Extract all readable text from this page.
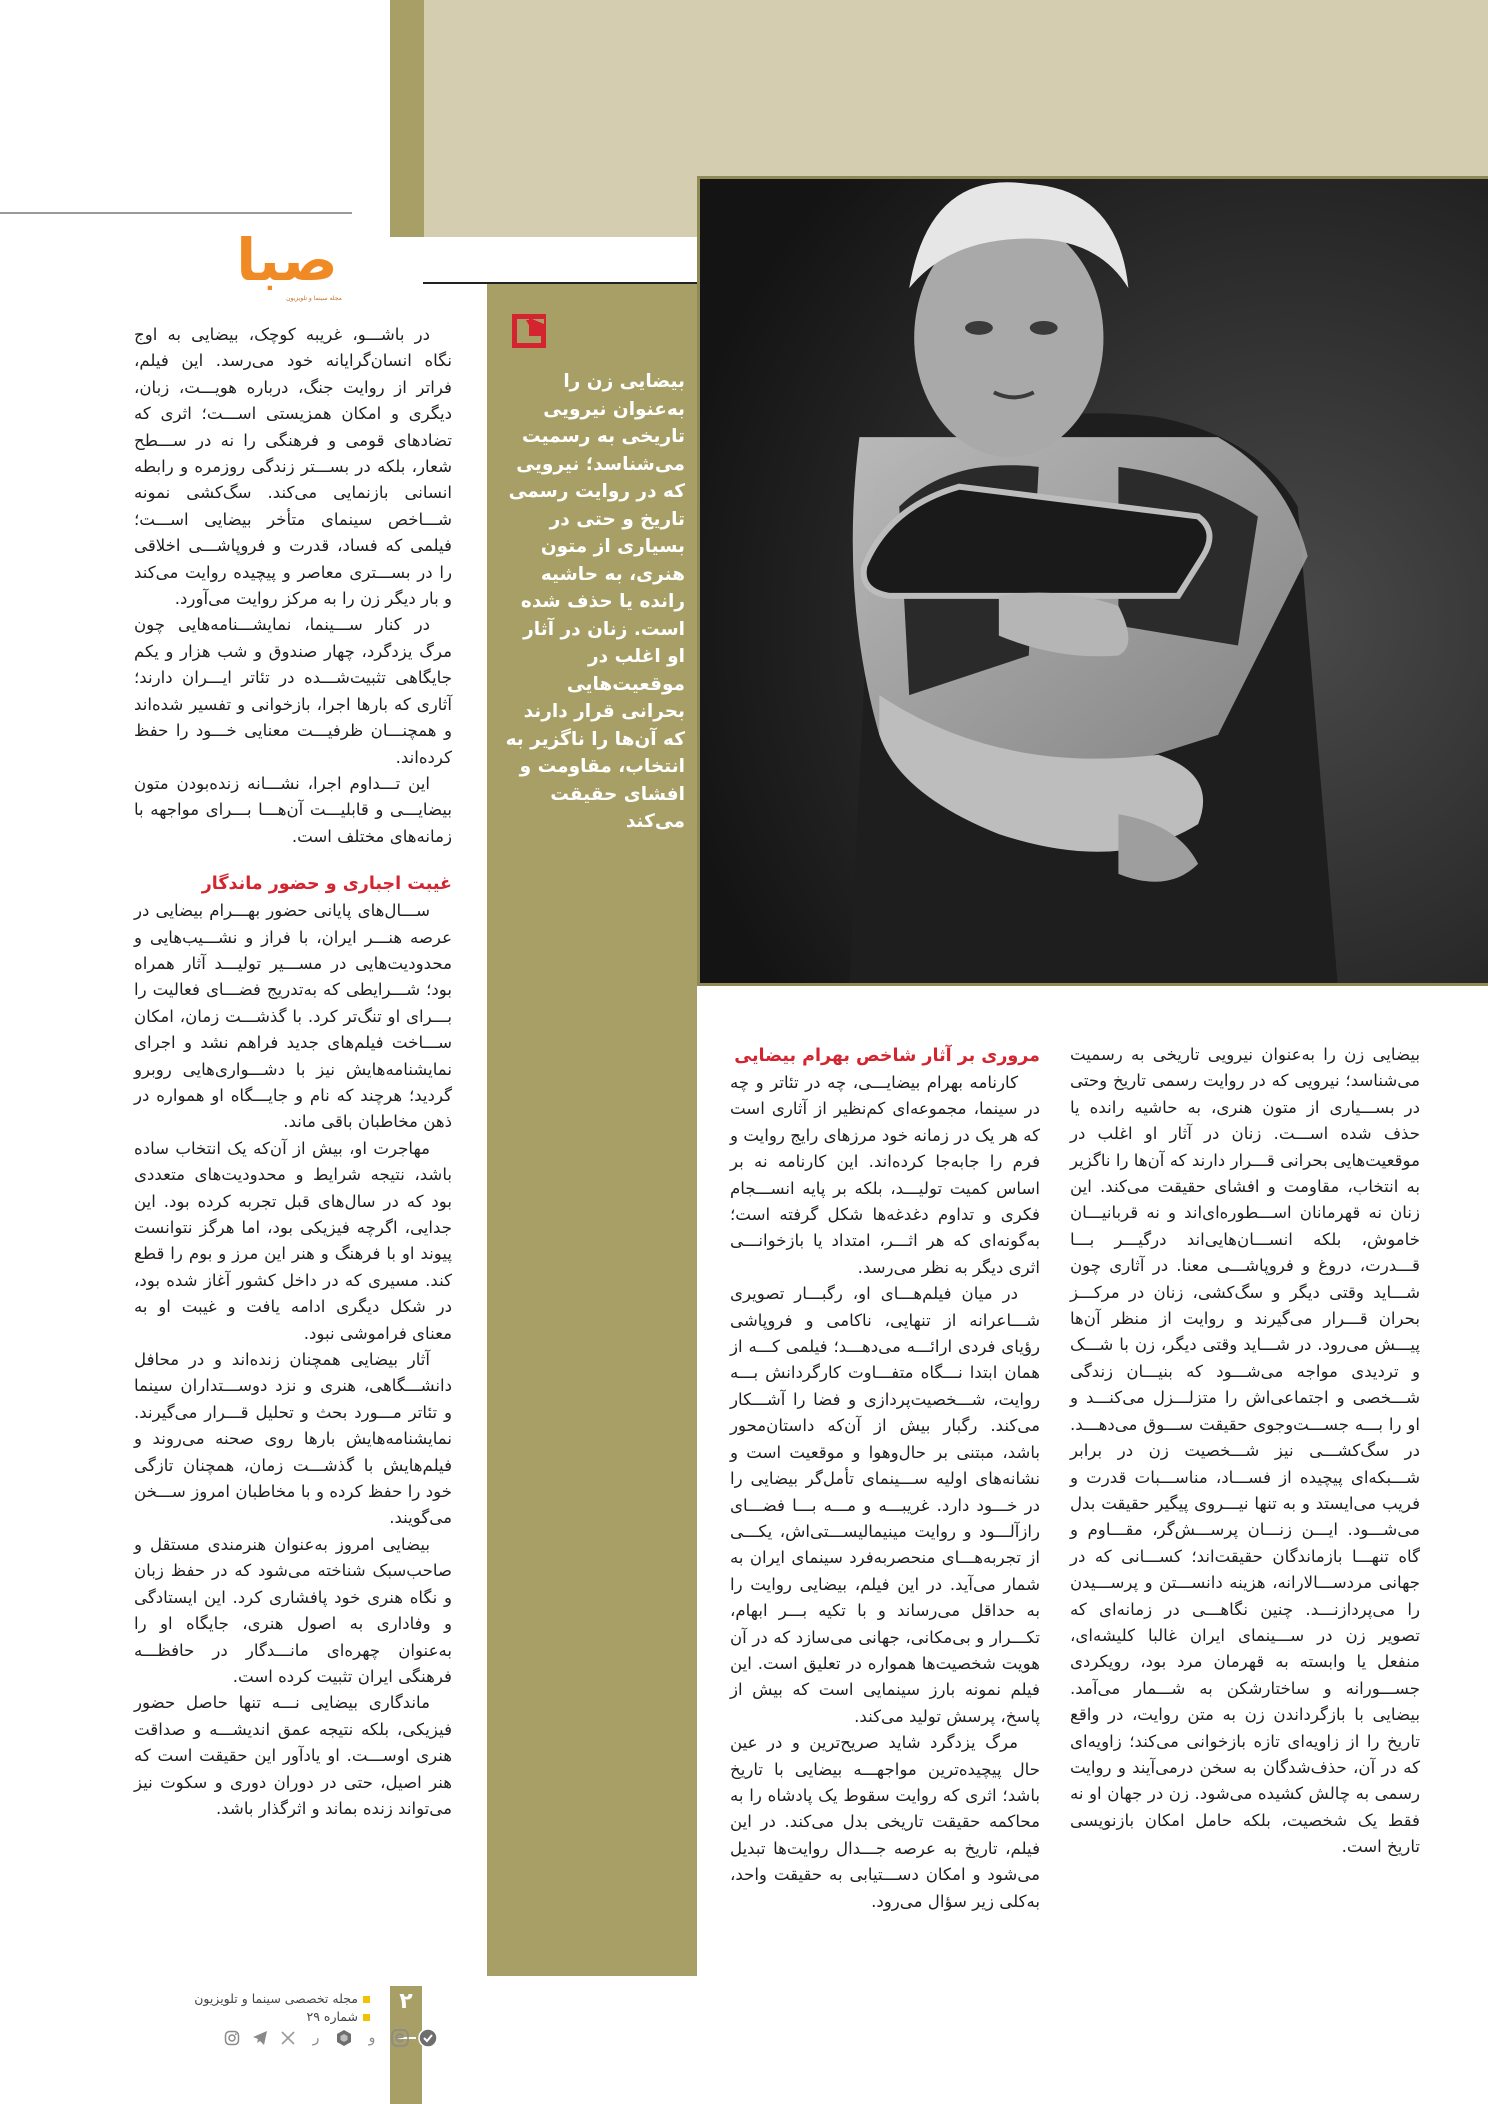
صبا
مجله سینما و تلویزیون
بیضایی زن را به‌عنوان نیرویی تاریخی به رسمیت می‌شناسد؛ نیرویی که در روایت رسمی تاریخ و حتی در بسیاری از متون هنری، به حاشیه رانده یا حذف شده است. زنان در آثار او اغلب در موقعیت‌هایی بحرانی قرار دارند که آن‌ها را ناگزیر به انتخاب، مقاومت و افشای حقیقت می‌کند

در باشـــو، غریبه کوچک، بیضایی به اوج نگاه انسان‌گرایانه خود می‌رسد. این فیلم، فراتر از روایت جنگ، درباره هویـــت، زبان، دیگری و امکان همزیستی اســـت؛ اثری که تضادهای قومی و فرهنگی را نه در ســـطح شعار، بلکه در بســـتر زندگی روزمره و رابطه انسانی بازنمایی می‌کند. سگ‌کشی نمونه شـــاخص سینمای متأخر بیضایی اســـت؛ فیلمی که فساد، قدرت و فروپاشـــی اخلاقی را در بســـتری معاصر و پیچیده روایت می‌کند و بار دیگر زن را به مرکز روایت می‌آورد.

در کنار ســـینما، نمایشـــنامه‌هایی چون مرگ یزدگرد، چهار صندوق و شب هزار و یکم جایگاهی تثبیت‌شـــده در تئاتر ایـــران دارند؛ آثاری که بارها اجرا، بازخوانی و تفسیر شده‌اند و همچنـــان ظرفیـــت معنایی خـــود را حفظ کرده‌اند.

این تـــداوم اجرا، نشـــانه زنده‌بودن متون بیضایـــی و قابلیـــت آن‌هـــا بـــرای مواجهه با زمانه‌های مختلف است.

غیبت اجباری و حضور ماندگار

ســـال‌های پایانی حضور بهـــرام بیضایی در عرصه هنـــر ایران، با فراز و نشـــیب‌هایی و محدودیت‌هایی در مســـیر تولیـــد آثار همراه بود؛ شـــرایطی که به‌تدریج فضـــای فعالیت را بـــرای او تنگ‌تر کرد. با گذشـــت زمان، امکان ســـاخت فیلم‌های جدید فراهم نشد و اجرای نمایشنامه‌هایش نیز با دشـــواری‌هایی روبرو گردید؛ هرچند که نام و جایـــگاه او همواره در ذهن مخاطبان باقی ماند.

مهاجرت او، بیش از آن‌که یک انتخاب ساده باشد، نتیجه شرایط و محدودیت‌های متعددی بود که در سال‌های قبل تجربه کرده بود. این جدایی، اگرچه فیزیکی بود، اما هرگز نتوانست پیوند او با فرهنگ و هنر این مرز و بوم را قطع کند. مسیری که در داخل کشور آغاز شده بود، در شکل دیگری ادامه یافت و غیبت او به معنای فراموشی نبود.

آثار بیضایی همچنان زنده‌اند و در محافل دانشـــگاهی، هنری و نزد دوســـتداران سینما و تئاتر مـــورد بحث و تحلیل قـــرار می‌گیرند. نمایشنامه‌هایش بارها روی صحنه می‌روند و فیلم‌هایش با گذشـــت زمان، همچنان تازگی خود را حفظ کرده و با مخاطبان امروز ســـخن می‌گویند.

بیضایی امروز به‌عنوان هنرمندی مستقل و صاحب‌سبک شناخته می‌شود که در حفظ زبان و نگاه هنری خود پافشاری کرد. این ایستادگی و وفاداری به اصول هنری، جایگاه او را به‌عنوان چهره‌ای مانـــدگار در حافظـــه فرهنگی ایران تثبیت کرده است.

ماندگاری بیضایی نـــه تنها حاصل حضور فیزیکی، بلکه نتیجه عمق اندیشـــه و صداقت هنری اوســـت. او یادآور این حقیقت است که هنر اصیل، حتی در دوران دوری و سکوت نیز می‌تواند زنده بماند و اثرگذار باشد.

مروری بر آثار شاخص بهرام بیضایی

کارنامه بهرام بیضایـــی، چه در تئاتر و چه در سینما، مجموعه‌ای کم‌نظیر از آثاری است که هر یک در زمانه خود مرزهای رایج روایت و فرم را جابه‌جا کرده‌اند. این کارنامه نه بر اساس کمیت تولیـــد، بلکه بر پایه انســـجام فکری و تداوم دغدغه‌ها شکل گرفته است؛ به‌گونه‌ای که هر اثـــر، امتداد یا بازخوانـــی اثری دیگر به نظر می‌رسد.

در میان فیلم‌هـــای او، رگبـــار تصویری شـــاعرانه از تنهایی، ناکامی و فروپاشی رؤیای فردی ارائـــه می‌دهـــد؛ فیلمی کـــه از همان ابتدا نـــگاه متفـــاوت کارگردانش بـــه روایت، شـــخصیت‌پردازی و فضا را آشـــکار می‌کند. رگبار بیش از آن‌که داستان‌محور باشد، مبتنی بر حال‌وهوا و موقعیت است و نشانه‌های اولیه ســـینمای تأمل‌گر بیضایی را در خـــود دارد. غریبـــه و مـــه بـــا فضـــای رازآلـــود و روایت مینیمالیســـتی‌اش، یکـــی از تجربه‌هـــای منحصربه‌فرد سینمای ایران به شمار می‌آید. در این فیلم، بیضایی روایت را به حداقل می‌رساند و با تکیه بـــر ابهام، تکـــرار و بی‌مکانی، جهانی می‌سازد که در آن هویت شخصیت‌ها همواره در تعلیق است. این فیلم نمونه بارز سینمایی است که بیش از پاسخ، پرسش تولید می‌کند.

مرگ یزدگرد شاید صریح‌ترین و در عین حال پیچیده‌ترین مواجهـــه بیضایی با تاریخ باشد؛ اثری که روایت سقوط یک پادشاه را به محاکمه حقیقت تاریخی بدل می‌کند. در این فیلم، تاریخ به عرصه جـــدال روایت‌ها تبدیل می‌شود و امکان دســـتیابی به حقیقت واحد، به‌کلی زیر سؤال می‌رود.

بیضایی زن را به‌عنوان نیرویی تاریخی به رسمیت می‌شناسد؛ نیرویی که در روایت رسمی تاریخ وحتی در بســـیاری از متون هنری، به حاشیه رانده یا حذف شده اســـت. زنان در آثار او اغلب در موقعیت‌هایی بحرانی قـــرار دارند که آن‌ها را ناگزیر به انتخاب، مقاومت و افشای حقیقت می‌کند. این زنان نه قهرمانان اســـطوره‌ای‌اند و نه قربانیـــان خاموش، بلکه انســـان‌هایی‌اند درگیـــر بـــا قـــدرت، دروغ و فروپاشـــی معنا. در آثاری چون شـــاید وقتی دیگر و سگ‌کشی، زنان در مرکـــز بحران قـــرار می‌گیرند و روایت از منظر آن‌ها پیـــش می‌رود. در شـــاید وقتی دیگر، زن با شـــک و تردیدی مواجه می‌شـــود که بنیـــان زندگی شـــخصی و اجتماعی‌اش را متزلـــزل می‌کنـــد و او را بـــه جســـت‌وجوی حقیقت ســـوق می‌دهـــد. در سگ‌کشـــی نیز شـــخصیت زن در برابر شـــبکه‌ای پیچیده از فســـاد، مناســـبات قدرت و فریب می‌ایستد و به تنها نیـــروی پیگیر حقیقت بدل می‌شـــود. ایـــن زنـــان پرســـش‌گر، مقـــاوم و گاه تنهـــا بازماندگان حقیقت‌اند؛ کســـانی که در جهانی مردســـالارانه، هزینه دانســـتن و پرســـیدن را می‌پردازنـــد. چنین نگاهـــی در زمانه‌ای که تصویر زن در ســـینمای ایران غالبا کلیشه‌ای، منفعل یا وابسته به قهرمان مرد بود، رویکردی جســـورانه و ساختارشکن به شـــمار می‌آمد. بیضایی با بازگرداندن زن به متن روایت، در واقع تاریخ را از زاویه‌ای تازه بازخوانی می‌کند؛ زاویه‌ای که در آن، حذف‌شدگان به سخن درمی‌آیند و روایت رسمی به چالش کشیده می‌شود. زن در جهان او نه فقط یک شخصیت، بلکه حامل امکان بازنویسی تاریخ است.

۲
مجله تخصصی سینما و تلویزیون
شماره ۲۹
ر	و
